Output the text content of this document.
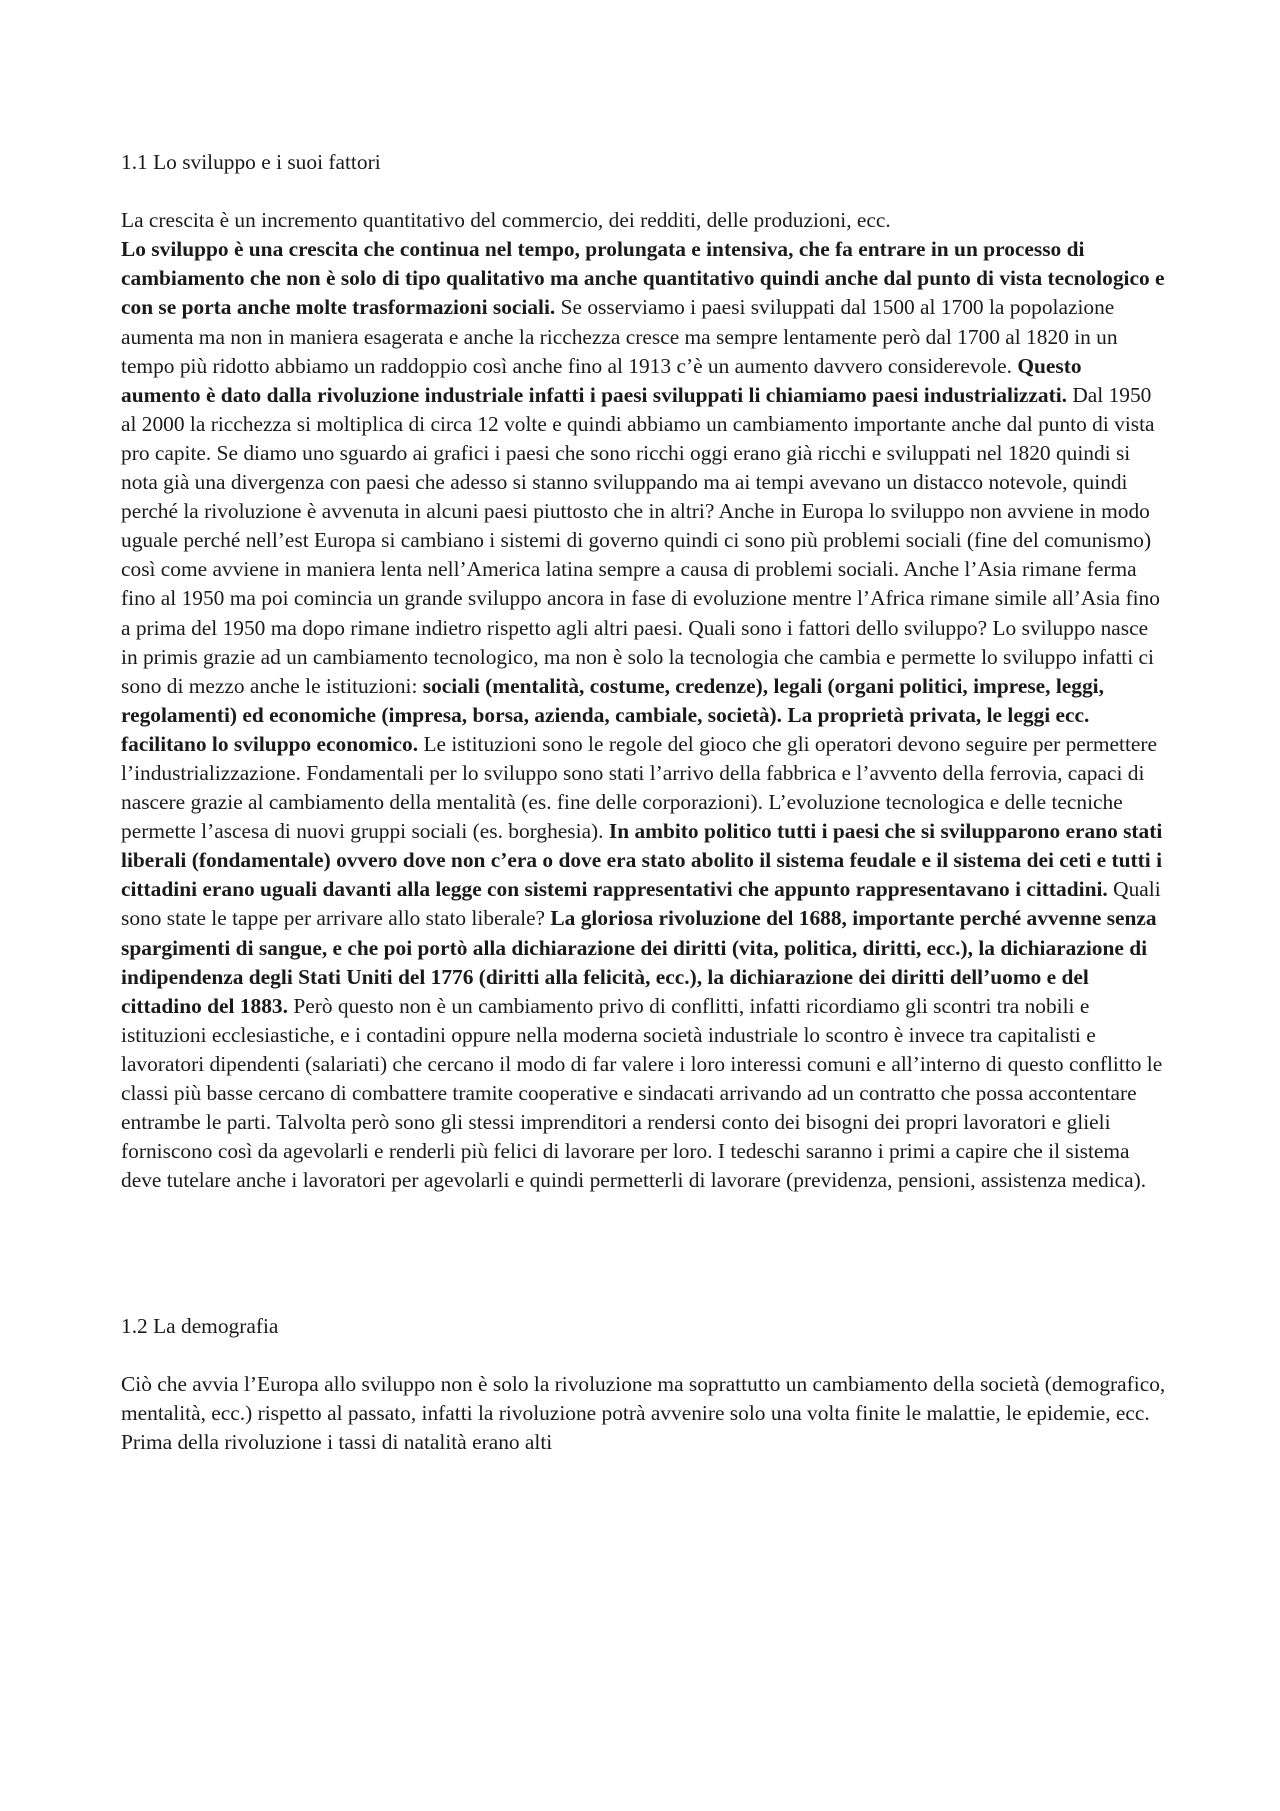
1.1 Lo sviluppo e i suoi fattori

La crescita è un incremento quantitativo del commercio, dei redditi, delle produzioni, ecc.

Lo sviluppo è una crescita che continua nel tempo, prolungata e intensiva, che fa entrare in un processo di cambiamento che non è solo di tipo qualitativo ma anche quantitativo quindi anche dal punto di vista tecnologico e con se porta anche molte trasformazioni sociali. Se osserviamo i paesi sviluppati dal 1500 al 1700 la popolazione aumenta ma non in maniera esagerata e anche la ricchezza cresce ma sempre lentamente però dal 1700 al 1820 in un tempo più ridotto abbiamo un raddoppio così anche fino al 1913 c’è un aumento davvero considerevole. Questo aumento è dato dalla rivoluzione industriale infatti i paesi sviluppati li chiamiamo paesi industrializzati. Dal 1950 al 2000 la ricchezza si moltiplica di circa 12 volte e quindi abbiamo un cambiamento importante anche dal punto di vista pro capite. Se diamo uno sguardo ai grafici i paesi che sono ricchi oggi erano già ricchi e sviluppati nel 1820 quindi si nota già una divergenza con paesi che adesso si stanno sviluppando ma ai tempi avevano un distacco notevole, quindi perché la rivoluzione è avvenuta in alcuni paesi piuttosto che in altri? Anche in Europa lo sviluppo non avviene in modo uguale perché nell’est Europa si cambiano i sistemi di governo quindi ci sono più problemi sociali (fine del comunismo) così come avviene in maniera lenta nell’America latina sempre a causa di problemi sociali. Anche l’Asia rimane ferma fino al 1950 ma poi comincia un grande sviluppo ancora in fase di evoluzione mentre l’Africa rimane simile all’Asia fino a prima del 1950 ma dopo rimane indietro rispetto agli altri paesi. Quali sono i fattori dello sviluppo? Lo sviluppo nasce in primis grazie ad un cambiamento tecnologico, ma non è solo la tecnologia che cambia e permette lo sviluppo infatti ci sono di mezzo anche le istituzioni: sociali (mentalità, costume, credenze), legali (organi politici, imprese, leggi, regolamenti) ed economiche (impresa, borsa, azienda, cambiale, società). La proprietà privata, le leggi ecc. facilitano lo sviluppo economico. Le istituzioni sono le regole del gioco che gli operatori devono seguire per permettere l’industrializzazione. Fondamentali per lo sviluppo sono stati l’arrivo della fabbrica e l’avvento della ferrovia, capaci di nascere grazie al cambiamento della mentalità (es. fine delle corporazioni). L’evoluzione tecnologica e delle tecniche permette l’ascesa di nuovi gruppi sociali (es. borghesia). In ambito politico tutti i paesi che si svilupparono erano stati liberali (fondamentale) ovvero dove non c’era o dove era stato abolito il sistema feudale e il sistema dei ceti e tutti i cittadini erano uguali davanti alla legge con sistemi rappresentativi che appunto rappresentavano i cittadini. Quali sono state le tappe per arrivare allo stato liberale? La gloriosa rivoluzione del 1688, importante perché avvenne senza spargimenti di sangue, e che poi portò alla dichiarazione dei diritti (vita, politica, diritti, ecc.), la dichiarazione di indipendenza degli Stati Uniti del 1776 (diritti alla felicità, ecc.), la dichiarazione dei diritti dell’uomo e del cittadino del 1883. Però questo non è un cambiamento privo di conflitti, infatti ricordiamo gli scontri tra nobili e istituzioni ecclesiastiche, e i contadini oppure nella moderna società industriale lo scontro è invece tra capitalisti e lavoratori dipendenti (salariati) che cercano il modo di far valere i loro interessi comuni e all’interno di questo conflitto le classi più basse cercano di combattere tramite cooperative e sindacati arrivando ad un contratto che possa accontentare entrambe le parti. Talvolta però sono gli stessi imprenditori a rendersi conto dei bisogni dei propri lavoratori e glieli forniscono così da agevolarli e renderli più felici di lavorare per loro. I tedeschi saranno i primi a capire che il sistema deve tutelare anche i lavoratori per agevolarli e quindi permetterli di lavorare (previdenza, pensioni, assistenza medica).

1.2 La demografia

Ciò che avvia l’Europa allo sviluppo non è solo la rivoluzione ma soprattutto un cambiamento della società (demografico, mentalità, ecc.) rispetto al passato, infatti la rivoluzione potrà avvenire solo una volta finite le malattie, le epidemie, ecc. Prima della rivoluzione i tassi di natalità erano alti
